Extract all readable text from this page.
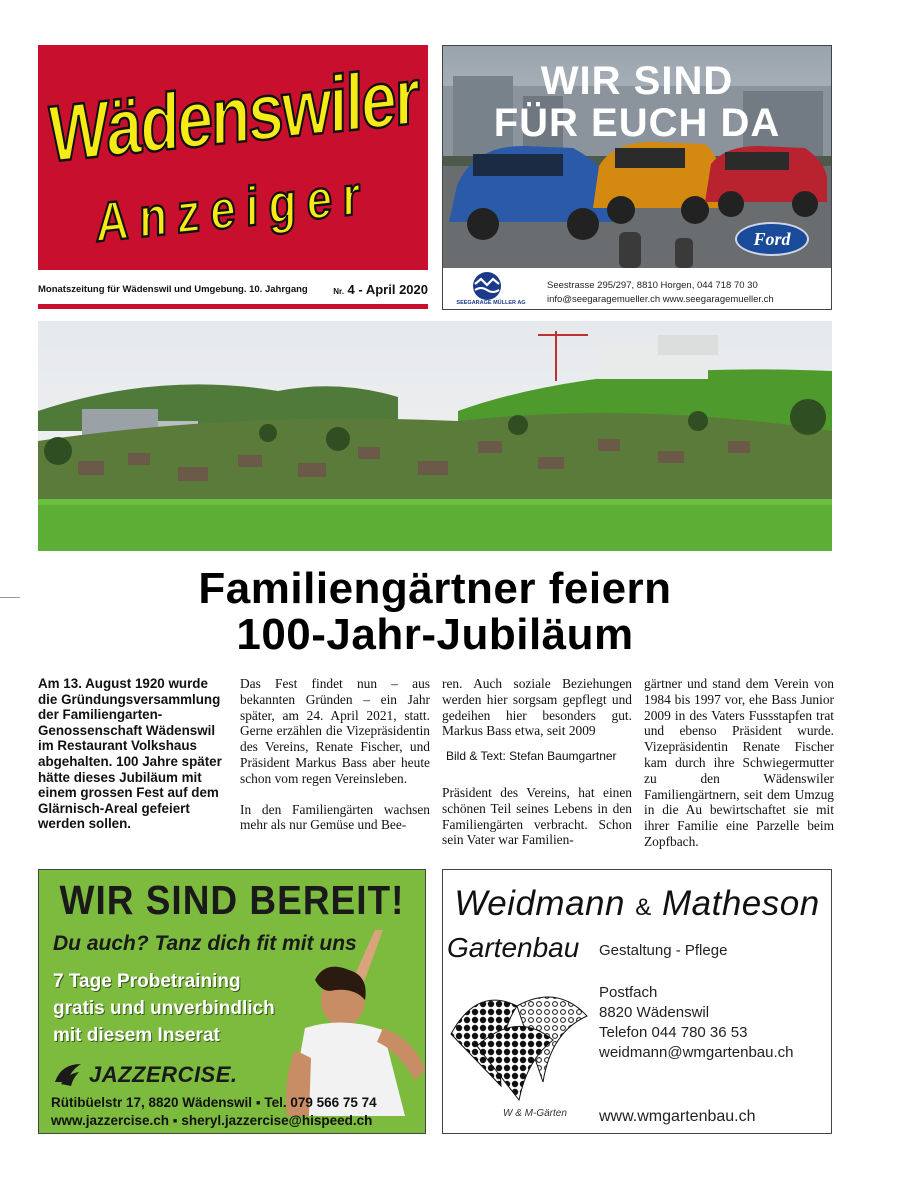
Wädenswiler
Anzeiger
Monatszeitung für Wädenswil und Umgebung. 10. Jahrgang	Nr. 4 - April 2020
WIR SIND
FÜR EUCH DA
Ford
SEEGARAGE MÜLLER AG
Seestrasse 295/297, 8810 Horgen, 044 718 70 30
info@seegaragemueller.ch www.seegaragemueller.ch
Familiengärtner feiern
100-Jahr-Jubiläum

Am 13. August 1920 wurde die Gründungsversammlung der Familiengarten-Genossenschaft Wädenswil im Restaurant Volkshaus abgehalten. 100 Jahre später hätte dieses Jubiläum mit einem grossen Fest auf dem Glärnisch-Areal gefeiert werden sollen.

Das Fest findet nun – aus bekannten Gründen – ein Jahr später, am 24. April 2021, statt. Gerne erzählen die Vizepräsidentin des Vereins, Renate Fischer, und Präsident Markus Bass aber heute schon vom regen Vereinsleben.

In den Familiengärten wachsen mehr als nur Gemüse und Bee-

ren. Auch soziale Beziehungen werden hier sorgsam gepflegt und gedeihen hier besonders gut. Markus Bass etwa, seit 2009

Bild & Text: Stefan Baumgartner

Präsident des Vereins, hat einen schönen Teil seines Lebens in den Familiengärten verbracht. Schon sein Vater war Familien-

gärtner und stand dem Verein von 1984 bis 1997 vor, ehe Bass Junior 2009 in des Vaters Fussstapfen trat und ebenso Präsident wurde. Vizepräsidentin Renate Fischer kam durch ihre Schwiegermutter zu den Wädenswiler Familiengärtnern, seit dem Umzug in die Au bewirtschaftet sie mit ihrer Familie eine Parzelle beim Zopfbach.

WIR SIND BEREIT!
Du auch? Tanz dich fit mit uns
7 Tage Probetraining
gratis und unverbindlich
mit diesem Inserat
JAZZERCISE.
Rütibüelstr 17, 8820 Wädenswil ▪ Tel. 079 566 75 74
www.jazzercise.ch ▪ sheryl.jazzercise@hispeed.ch
Weidmann & Matheson
Gartenbau Gestaltung - Pflege
Postfach
8820 Wädenswil
Telefon 044 780 36 53
weidmann@wmgartenbau.ch
W & M-Gärten www.wmgartenbau.ch
